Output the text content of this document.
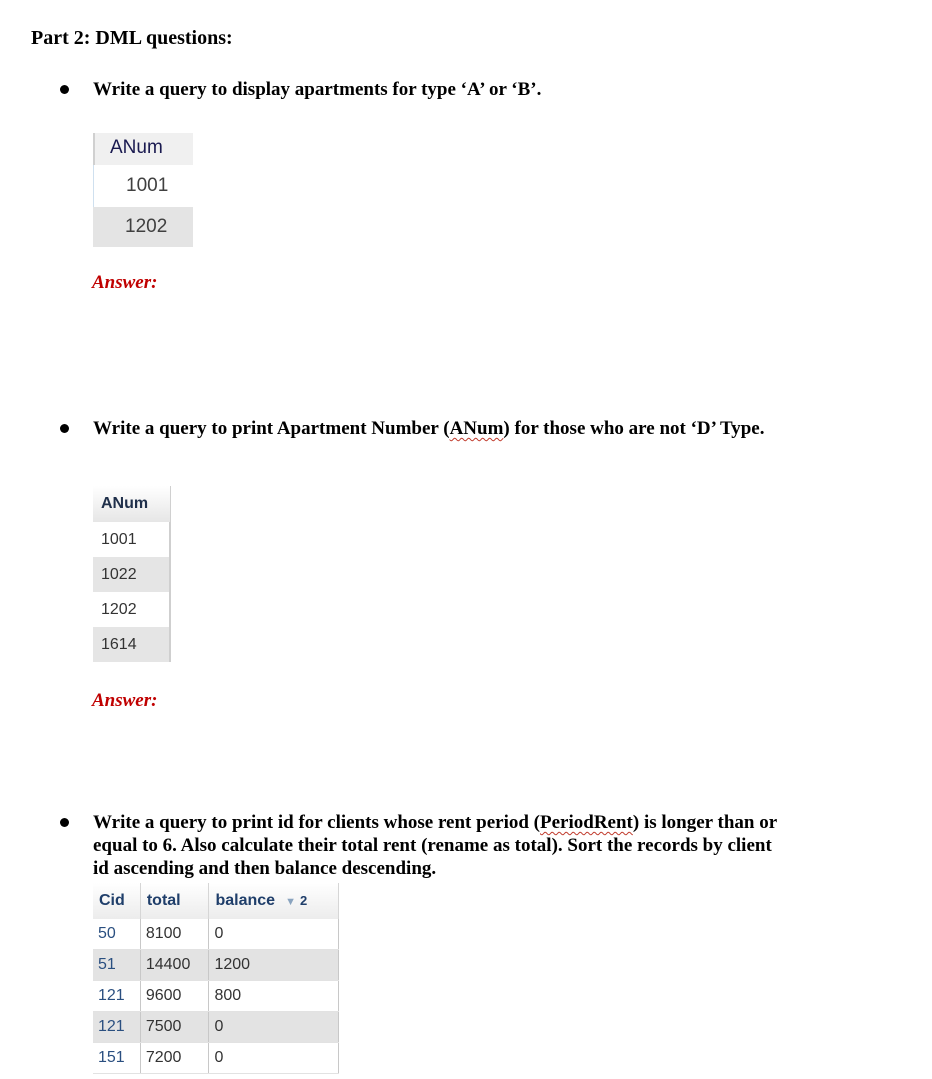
Part 2: DML questions:
Write a query to display apartments for type ‘A’ or ‘B’.
ANum
1001
1202
Answer:
Write a query to print Apartment Number (ANum) for those who are not ‘D’ Type.
ANum
1001
1022
1202
1614
Answer:
Write a query to print id for clients whose rent period (PeriodRent) is longer than or equal to 6. Also calculate their total rent (rename as total). Sort the records by client id ascending and then balance descending.
Cid	total	balance ▼ 2
50	8100	0
51	14400	1200
121	9600	800
121	7500	0
151	7200	0
